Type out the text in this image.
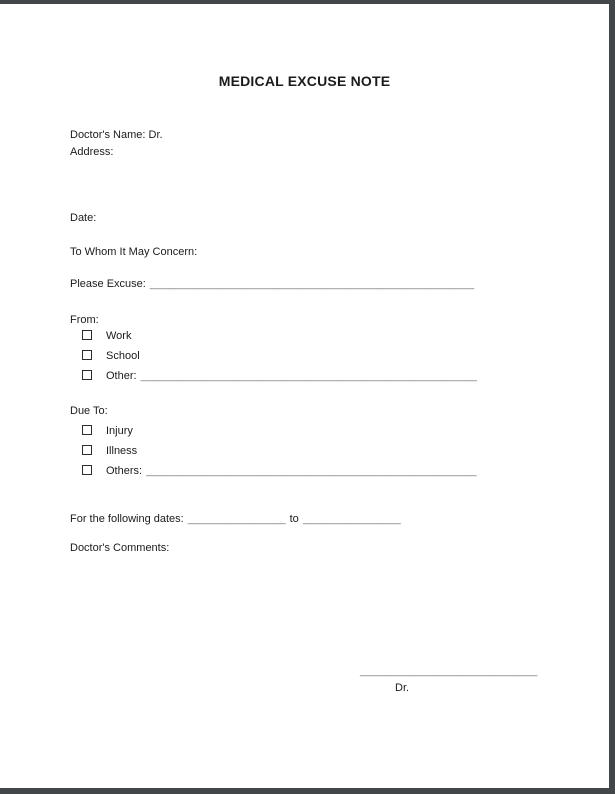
MEDICAL EXCUSE NOTE
Doctor's Name: Dr.
Address:
Date:
To Whom It May Concern:
Please Excuse: _____________________________________________________
From:
Work
School
Other: _______________________________________________________
Due To:
Injury
Illness
Others: ______________________________________________________
For the following dates: ________________ to ________________
Doctor's Comments:
_____________________________
Dr.
